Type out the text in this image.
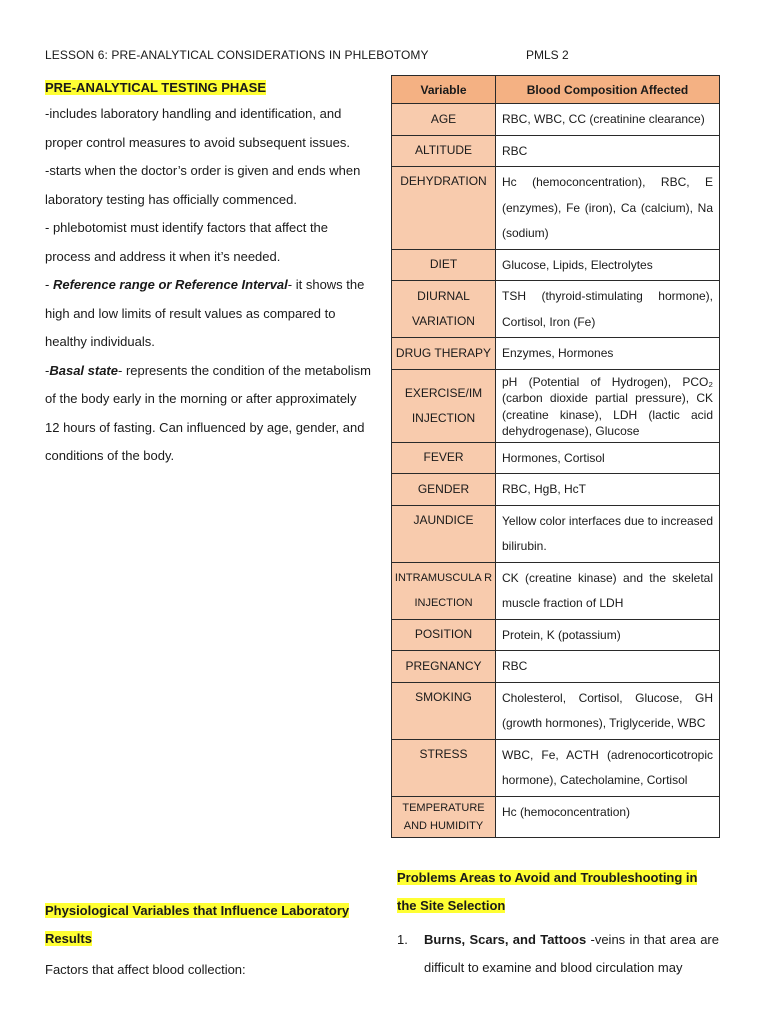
LESSON 6: PRE-ANALYTICAL CONSIDERATIONS IN PHLEBOTOMY	PMLS 2
PRE-ANALYTICAL TESTING PHASE

-includes laboratory handling and identification, and proper control measures to avoid subsequent issues.

-starts when the doctor’s order is given and ends when laboratory testing has officially commenced.

- phlebotomist must identify factors that affect the process and address it when it’s needed.

- Reference range or Reference Interval- it shows the high and low limits of result values as compared to healthy individuals.

-Basal state- represents the condition of the metabolism of the body early in the morning or after approximately 12 hours of fasting. Can influenced by age, gender, and conditions of the body.

Variable	Blood Composition Affected
AGE	RBC, WBC, CC (creatinine clearance)
ALTITUDE	RBC
DEHYDRATION	Hc (hemoconcentration), RBC, E (enzymes), Fe (iron), Ca (calcium), Na (sodium)
DIET	Glucose, Lipids, Electrolytes
DIURNAL VARIATION	TSH (thyroid-stimulating hormone), Cortisol, Iron (Fe)
DRUG THERAPY	Enzymes, Hormones
EXERCISE/IM INJECTION	pH (Potential of Hydrogen), PCO₂ (carbon dioxide partial pressure), CK (creatine kinase), LDH (lactic acid dehydrogenase), Glucose
FEVER	Hormones, Cortisol
GENDER	RBC, HgB, HcT
JAUNDICE	Yellow color interfaces due to increased bilirubin.
INTRAMUSCULA R INJECTION	CK (creatine kinase) and the skeletal muscle fraction of LDH
POSITION	Protein, K (potassium)
PREGNANCY	RBC
SMOKING	Cholesterol, Cortisol, Glucose, GH (growth hormones), Triglyceride, WBC
STRESS	WBC, Fe, ACTH (adrenocorticotropic hormone), Catecholamine, Cortisol
TEMPERATURE AND HUMIDITY	Hc (hemoconcentration)
Problems Areas to Avoid and Troubleshooting in the Site Selection
1.	Burns, Scars, and Tattoos -veins in that area are difficult to examine and blood circulation may
Physiological Variables that Influence Laboratory Results
Factors that affect blood collection:
